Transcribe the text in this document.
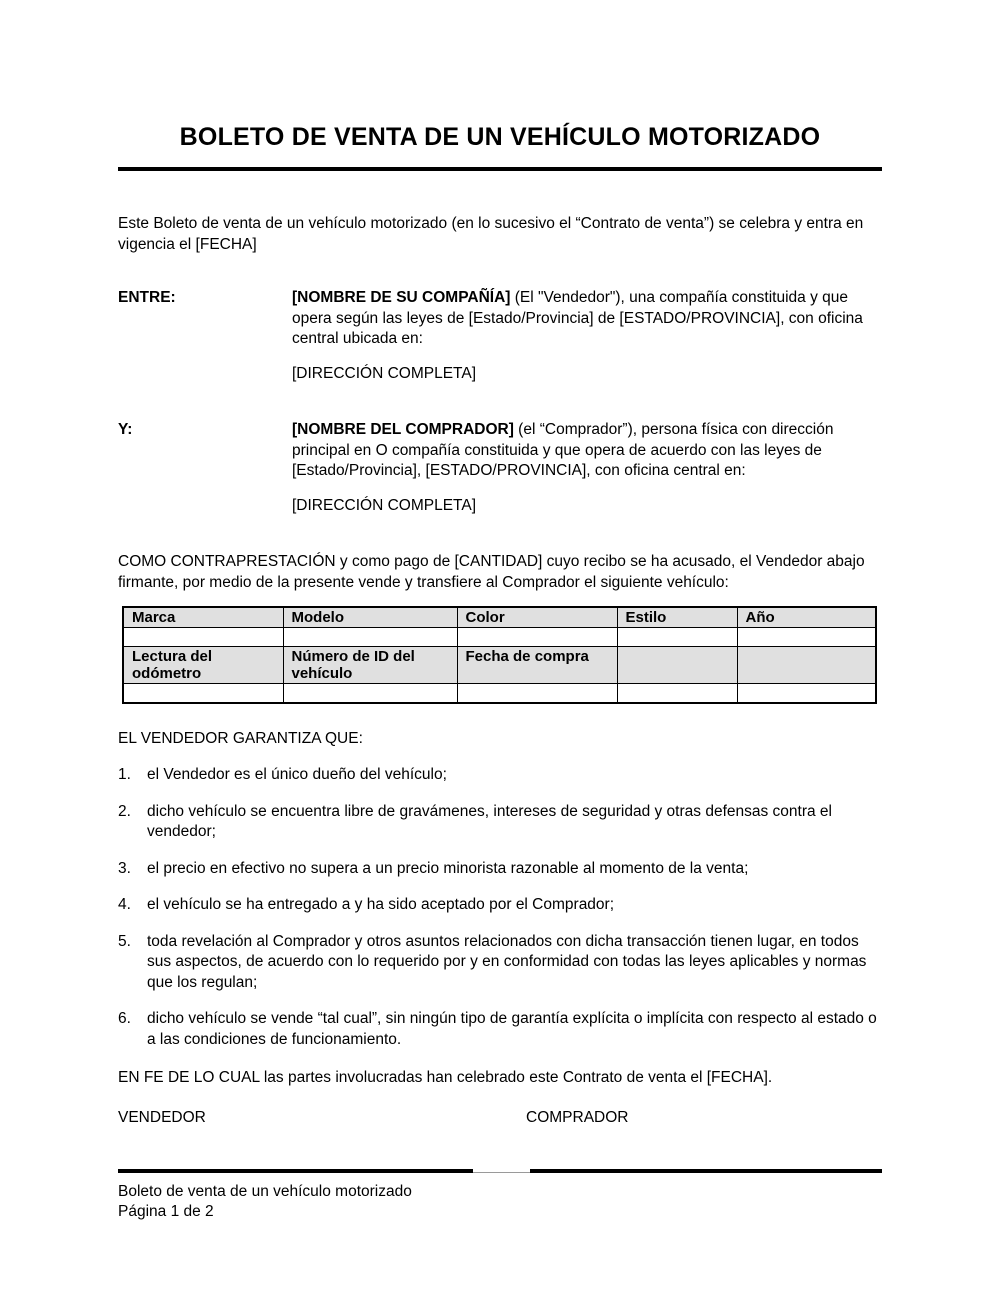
BOLETO DE VENTA DE UN VEHÍCULO MOTORIZADO

Este Boleto de venta de un vehículo motorizado (en lo sucesivo el “Contrato de venta”) se celebra y entra en vigencia el [FECHA]

ENTRE:	[NOMBRE DE SU COMPAÑÍA] (El "Vendedor"), una compañía constituida y que opera según las leyes de [Estado/Provincia] de [ESTADO/PROVINCIA], con oficina central ubicada en:

[DIRECCIÓN COMPLETA]

Y:	[NOMBRE DEL COMPRADOR] (el “Comprador”), persona física con dirección principal en O compañía constituida y que opera de acuerdo con las leyes de [Estado/Provincia], [ESTADO/PROVINCIA], con oficina central en:

[DIRECCIÓN COMPLETA]

COMO CONTRAPRESTACIÓN y como pago de [CANTIDAD] cuyo recibo se ha acusado, el Vendedor abajo firmante, por medio de la presente vende y transfiere al Comprador el siguiente vehículo:

Marca	Modelo	Color	Estilo	Año

Lectura del odómetro	Número de ID del vehículo	Fecha de compra		

EL VENDEDOR GARANTIZA QUE:

1.	el Vendedor es el único dueño del vehículo;
2.	dicho vehículo se encuentra libre de gravámenes, intereses de seguridad y otras defensas contra el vendedor;
3.	el precio en efectivo no supera a un precio minorista razonable al momento de la venta;
4.	el vehículo se ha entregado a y ha sido aceptado por el Comprador;
5.	toda revelación al Comprador y otros asuntos relacionados con dicha transacción tienen lugar, en todos sus aspectos, de acuerdo con lo requerido por y en conformidad con todas las leyes aplicables y normas que los regulan;
6.	dicho vehículo se vende “tal cual”, sin ningún tipo de garantía explícita o implícita con respecto al estado o a las condiciones de funcionamiento.

EN FE DE LO CUAL las partes involucradas han celebrado este Contrato de venta el [FECHA].

VENDEDOR	COMPRADOR

Boleto de venta de un vehículo motorizado

Página 1 de 2
